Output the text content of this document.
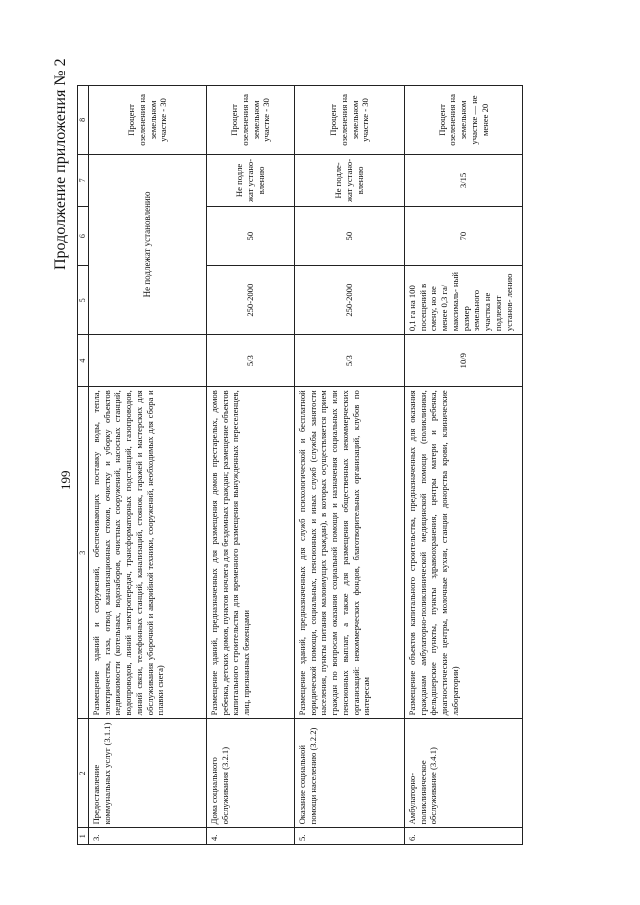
Продолжение приложения № 2
199
1	2	3	4	5	6	7	8
3.	Предоставление коммунальных услуг (3.1.1)	Размещение зданий и сооружений, обеспечивающих поставку воды, тепла, электричества, газа, отвод канализационных стоков, очистку и уборку объектов недвижимости (котельных, водозаборов, очистных сооружений, насосных станций, водопроводов, линий электропередач, трансформаторных подстанций, газопроводов, линий связи, телефонных станций, канализаций, стоянок, гаражей и мастерских для обслуживания уборочной и аварийной техники, сооружений, необходимых для сбора и плавки снега)		Не подлежат установлению			Процент озеленения на земельном участке - 30
4.	Дома социального обслуживания (3.2.1)	Размещение зданий, предназначенных для размещения домов престарелых, домов ребенка, детских домов, пунктов ночлега для бездомных граждан; размещение объектов капитального строительства для временного размещения вынужденных переселенцев, лиц, признанных беженцами	5/3	250-2000	50	Не подле жат устано- влению	Процент озеленения на земельном участке - 30
5.	Оказание социальной помощи населению (3.2.2)	Размещение зданий, предназначенных для служб психологической и бесплатной юридической помощи, социальных, пенсионных и иных служб (службы занятости населения, пункты питания малоимущих граждан), в которых осуществляется прием граждан по вопросам оказания социальной помощи и назначения социальных или пенсионных выплат, а также для размещения общественных некоммерческих организаций: некоммерческих фондов, благотворительных организаций, клубов по интересам	5/3	250-2000	50	Не подле- жат устано- влению	Процент озеленения на земельном участке - 30
6.	Амбулаторно-поликлиническое обслуживание (3.4.1)	Размещение объектов капитального строительства, предназначенных для оказания гражданам амбулаторно-поликлинической медицинской помощи (поликлиники, фельдшерские пункты, пункты здравоохранения, центры матери и ребенка, диагностические центры, молочные кухни, станции донорства крови, клинические лаборатории)	10/9	0,1 га на 100 посещений в смену, но не менее 0,3 га/ максималь- ный размер земельного участка не подлежит установ- лению	70	3/15	Процент озеленения на земельном участке — не менее 20
